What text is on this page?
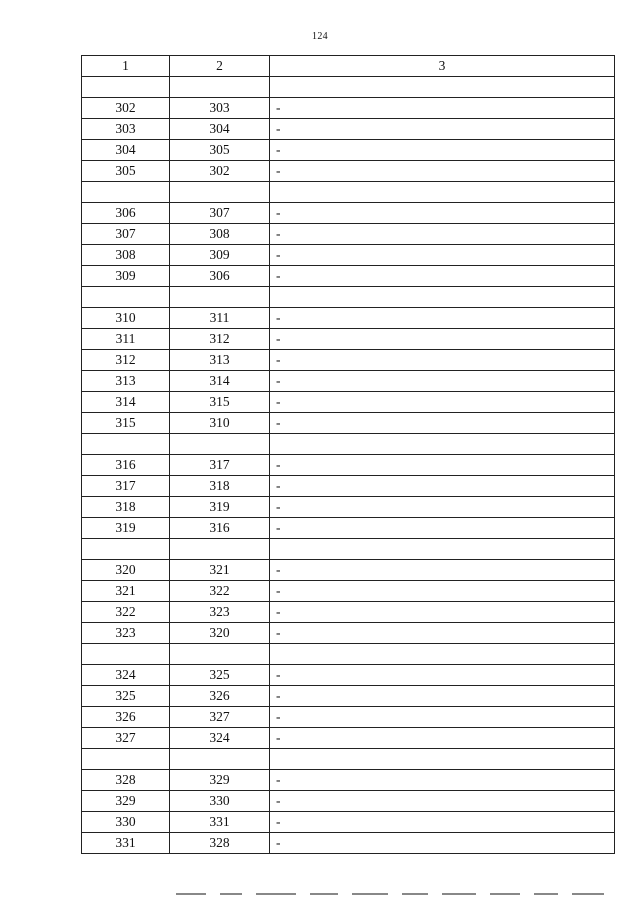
124
1	2	3

302	303	-
303	304	-
304	305	-
305	302	-

306	307	-
307	308	-
308	309	-
309	306	-

310	311	-
311	312	-
312	313	-
313	314	-
314	315	-
315	310	-

316	317	-
317	318	-
318	319	-
319	316	-

320	321	-
321	322	-
322	323	-
323	320	-

324	325	-
325	326	-
326	327	-
327	324	-

328	329	-
329	330	-
330	331	-
331	328	-
